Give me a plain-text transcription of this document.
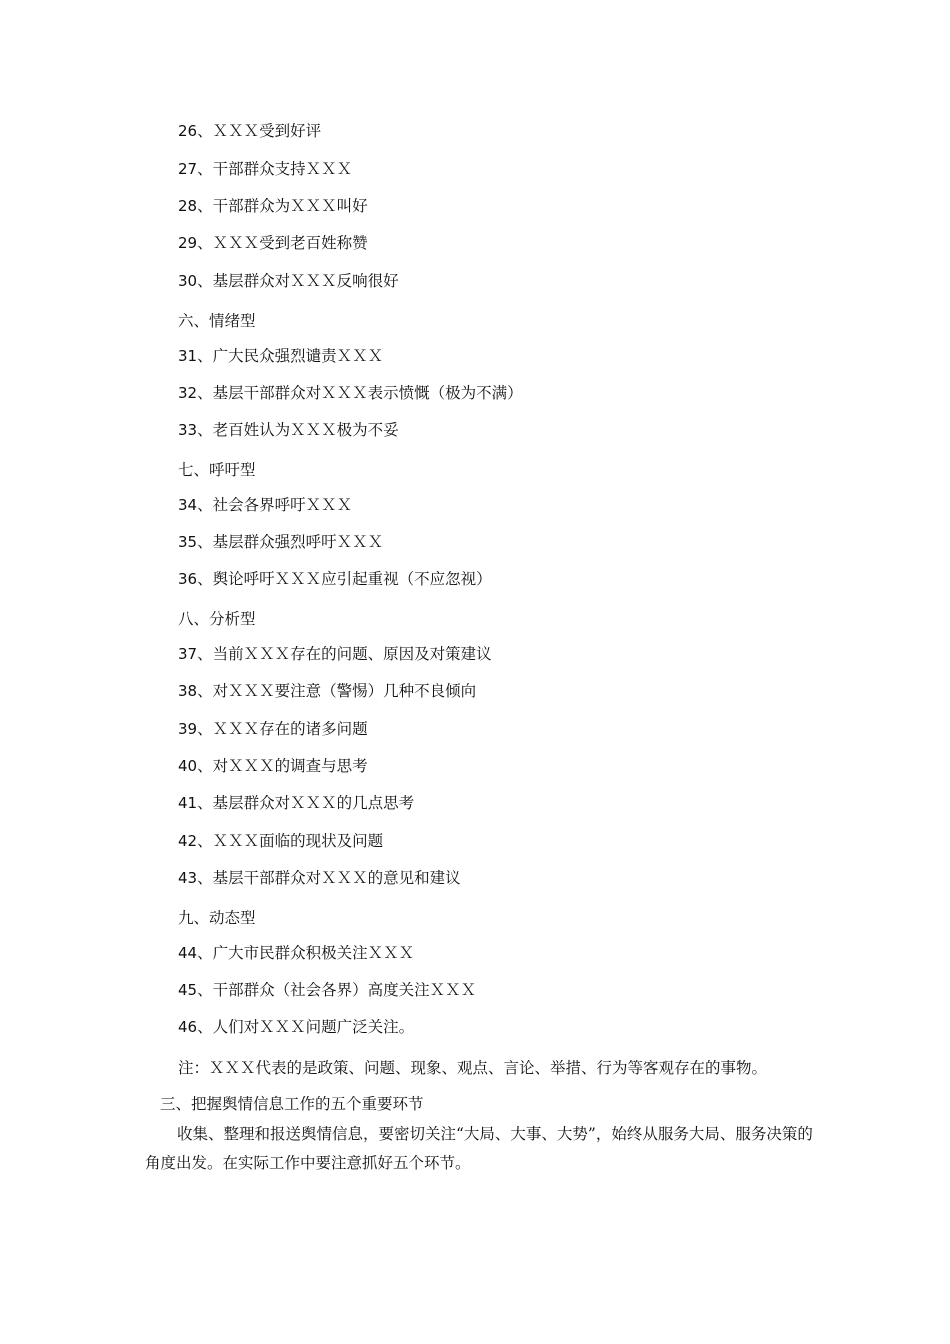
26、ＸＸＸ受到好评
27、干部群众支持ＸＸＸ
28、干部群众为ＸＸＸ叫好
29、ＸＸＸ受到老百姓称赞
30、基层群众对ＸＸＸ反响很好
六、情绪型
31、广大民众强烈谴责ＸＸＸ
32、基层干部群众对ＸＸＸ表示愤慨（极为不满）
33、老百姓认为ＸＸＸ极为不妥
七、呼吁型
34、社会各界呼吁ＸＸＸ
35、基层群众强烈呼吁ＸＸＸ
36、舆论呼吁ＸＸＸ应引起重视（不应忽视）
八、分析型
37、当前ＸＸＸ存在的问题、原因及对策建议
38、对ＸＸＸ要注意（警惕）几种不良倾向
39、ＸＸＸ存在的诸多问题
40、对ＸＸＸ的调查与思考
41、基层群众对ＸＸＸ的几点思考
42、ＸＸＸ面临的现状及问题
43、基层干部群众对ＸＸＸ的意见和建议
九、动态型
44、广大市民群众积极关注ＸＸＸ
45、干部群众（社会各界）高度关注ＸＸＸ
46、人们对ＸＸＸ问题广泛关注。
注：ＸＸＸ代表的是政策、问题、现象、观点、言论、举措、行为等客观存在的事物。
三、把握舆情信息工作的五个重要环节
收集、整理和报送舆情信息，要密切关注“大局、大事、大势”，始终从服务大局、服务决策的角度出发。在实际工作中要注意抓好五个环节。
